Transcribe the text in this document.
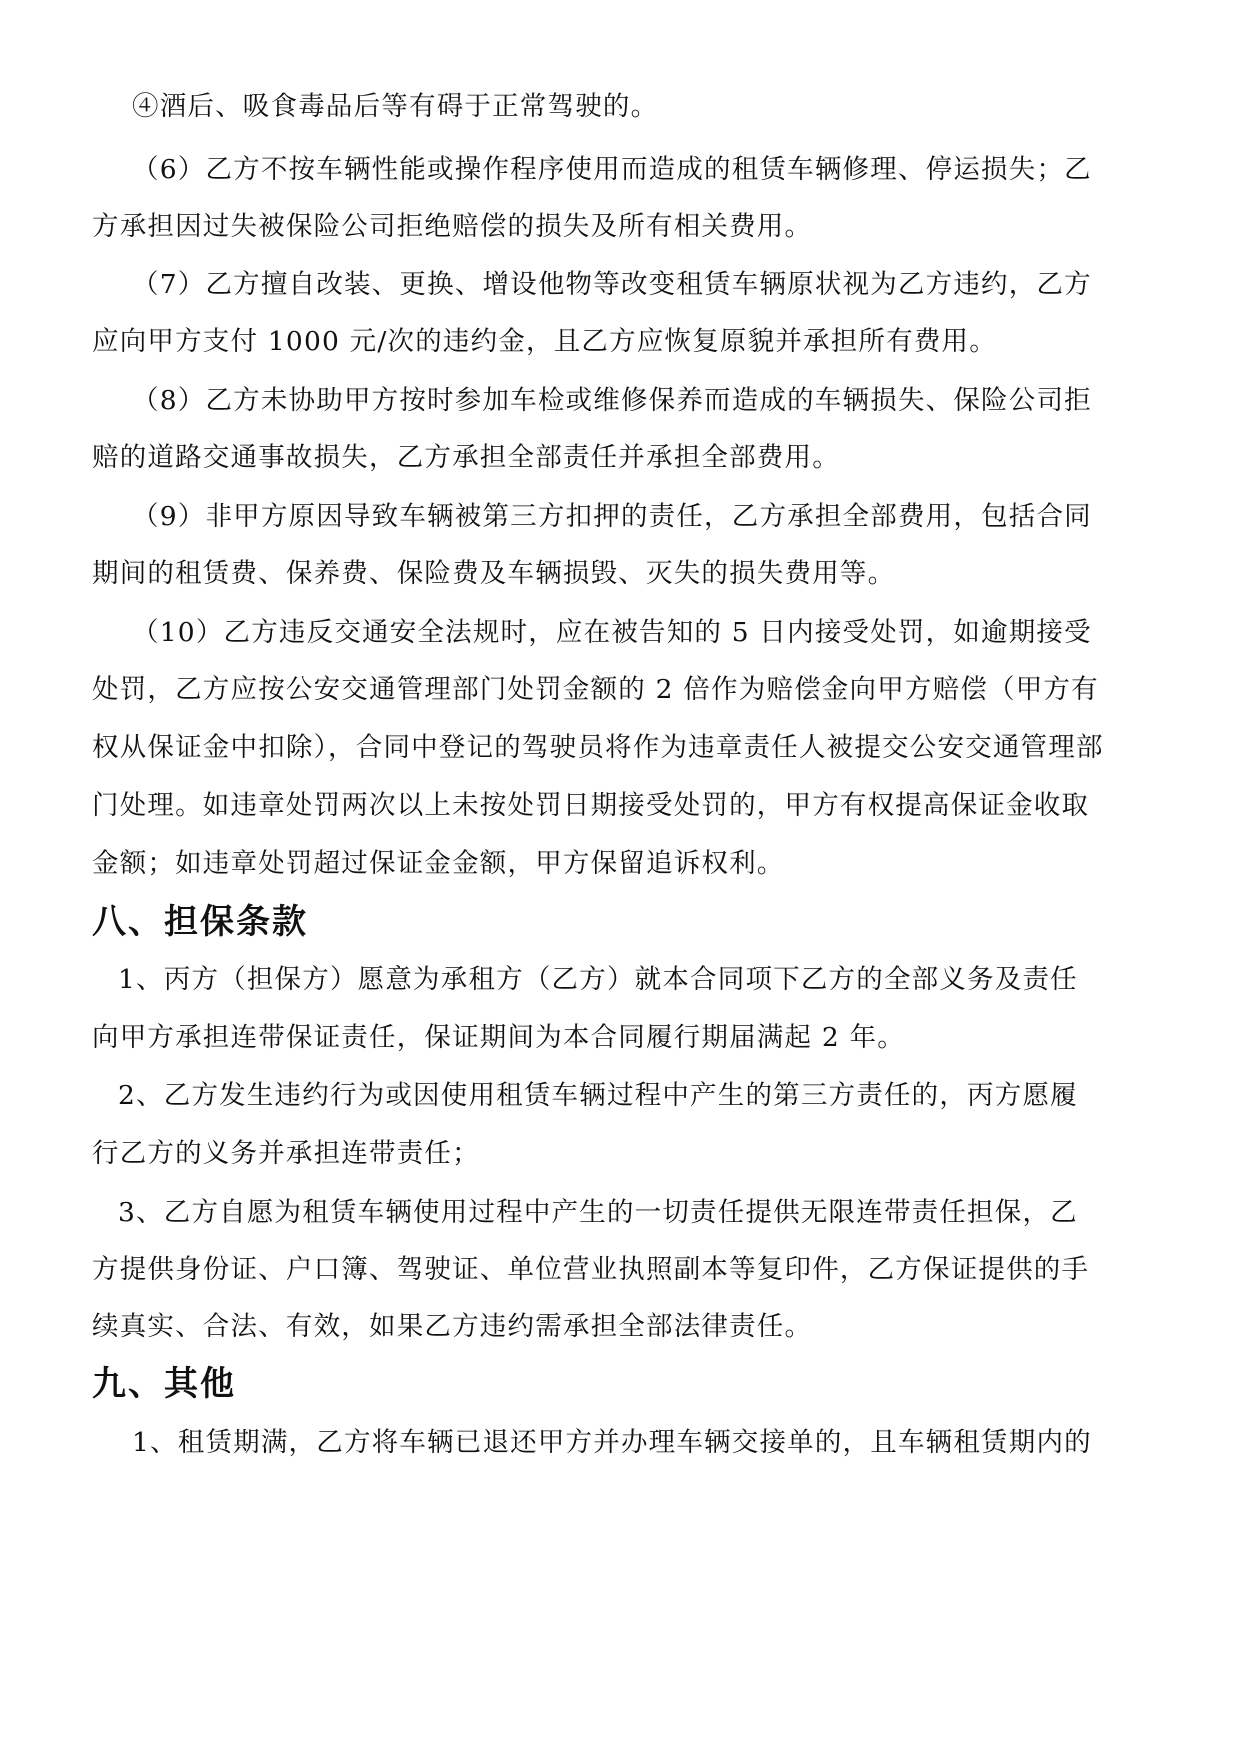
④酒后、吸食毒品后等有碍于正常驾驶的。
（6）乙方不按车辆性能或操作程序使用而造成的租赁车辆修理、停运损失；乙
方承担因过失被保险公司拒绝赔偿的损失及所有相关费用。
（7）乙方擅自改装、更换、增设他物等改变租赁车辆原状视为乙方违约，乙方
应向甲方支付 1000 元/次的违约金，且乙方应恢复原貌并承担所有费用。
（8）乙方未协助甲方按时参加车检或维修保养而造成的车辆损失、保险公司拒
赔的道路交通事故损失，乙方承担全部责任并承担全部费用。
（9）非甲方原因导致车辆被第三方扣押的责任，乙方承担全部费用，包括合同
期间的租赁费、保养费、保险费及车辆损毁、灭失的损失费用等。
（10）乙方违反交通安全法规时，应在被告知的 5 日内接受处罚，如逾期接受
处罚，乙方应按公安交通管理部门处罚金额的 2 倍作为赔偿金向甲方赔偿（甲方有
权从保证金中扣除），合同中登记的驾驶员将作为违章责任人被提交公安交通管理部
门处理。如违章处罚两次以上未按处罚日期接受处罚的，甲方有权提高保证金收取
金额；如违章处罚超过保证金金额，甲方保留追诉权利。
八、担保条款
1、丙方（担保方）愿意为承租方（乙方）就本合同项下乙方的全部义务及责任
向甲方承担连带保证责任，保证期间为本合同履行期届满起 2 年。
2、乙方发生违约行为或因使用租赁车辆过程中产生的第三方责任的，丙方愿履
行乙方的义务并承担连带责任；
3、乙方自愿为租赁车辆使用过程中产生的一切责任提供无限连带责任担保，乙
方提供身份证、户口簿、驾驶证、单位营业执照副本等复印件，乙方保证提供的手
续真实、合法、有效，如果乙方违约需承担全部法律责任。
九、其他
1、租赁期满，乙方将车辆已退还甲方并办理车辆交接单的，且车辆租赁期内的
